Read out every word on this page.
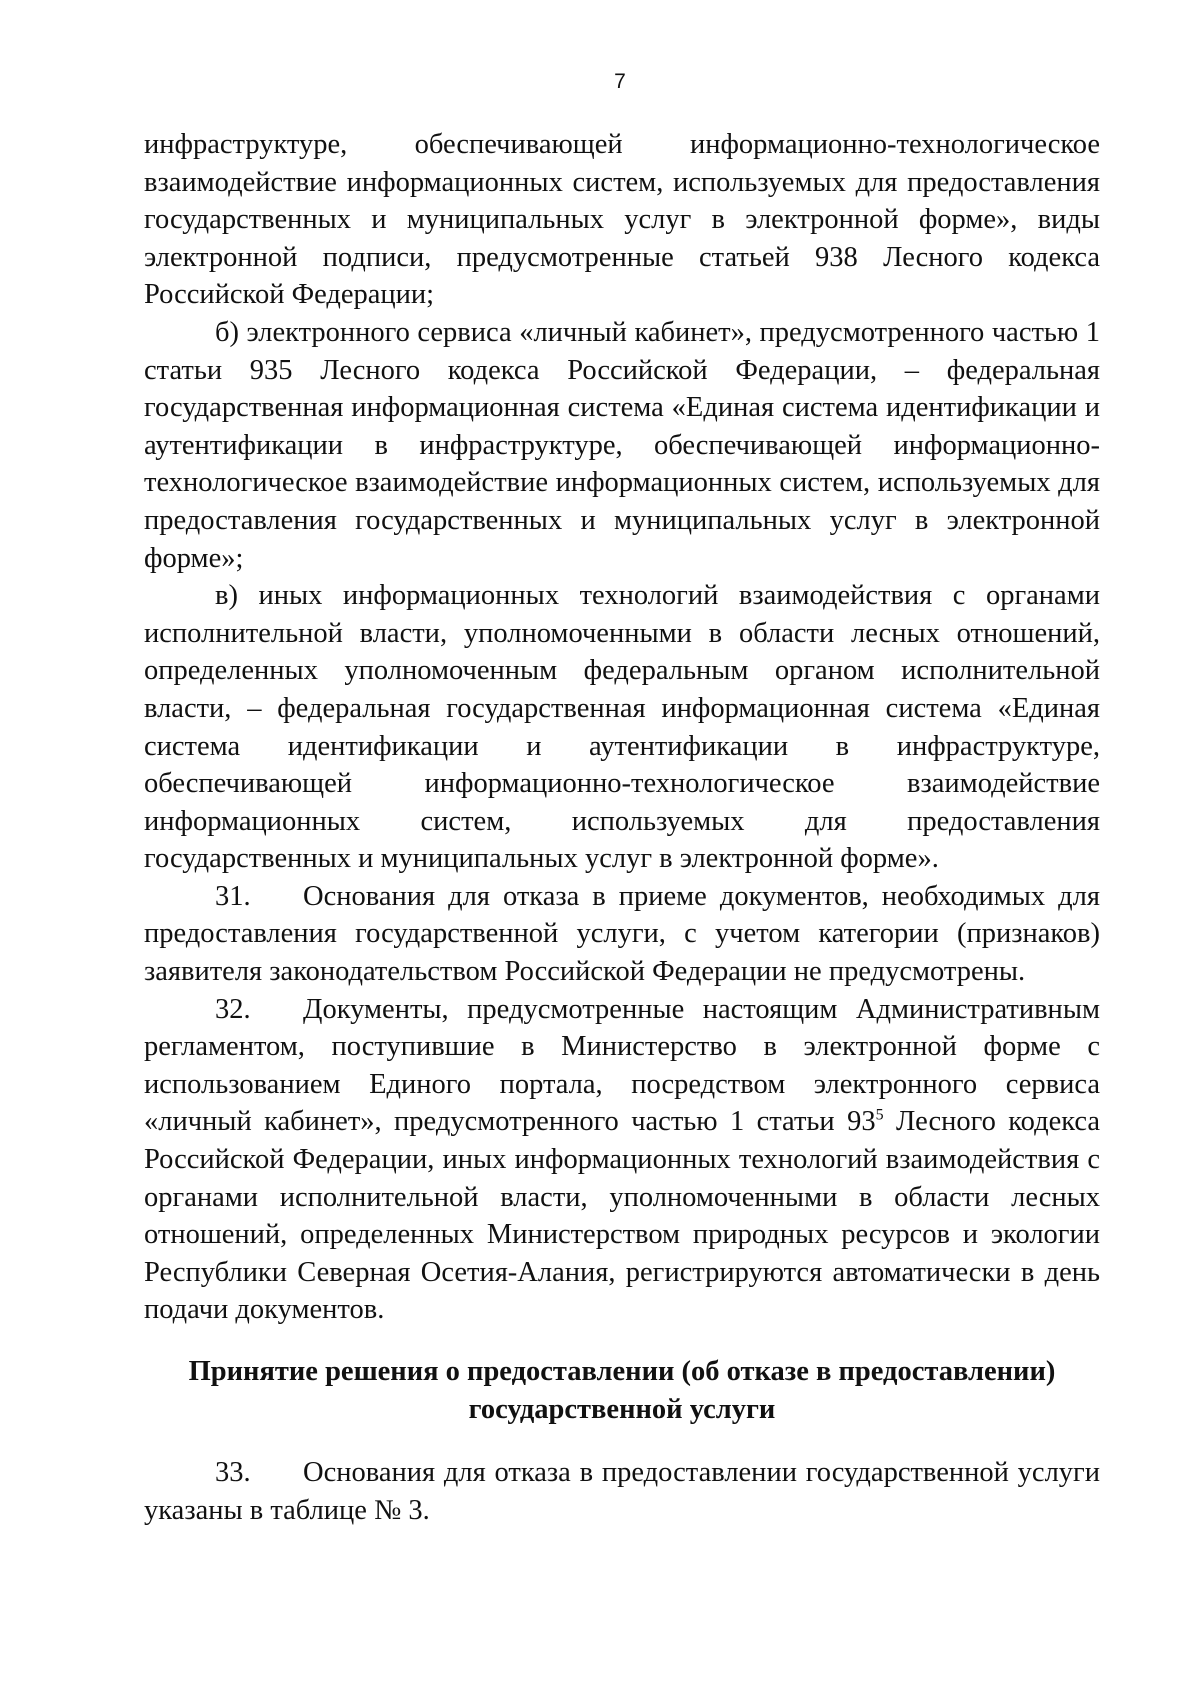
7

инфраструктуре, обеспечивающей информационно-технологическое взаимодействие информационных систем, используемых для предоставления государственных и муниципальных услуг в электронной форме», виды электронной подписи, предусмотренные статьей 938 Лесного кодекса Российской Федерации;

б) электронного сервиса «личный кабинет», предусмотренного частью 1 статьи 935 Лесного кодекса Российской Федерации, – федеральная государственная информационная система «Единая система идентификации и аутентификации в инфраструктуре, обеспечивающей информационно-технологическое взаимодействие информационных систем, используемых для предоставления государственных и муниципальных услуг в электронной форме»;

в) иных информационных технологий взаимодействия с органами исполнительной власти, уполномоченными в области лесных отношений, определенных уполномоченным федеральным органом исполнительной власти, – федеральная государственная информационная система «Единая система идентификации и аутентификации в инфраструктуре, обеспечивающей информационно-технологическое взаимодействие информационных систем, используемых для предоставления государственных и муниципальных услуг в электронной форме».

31. Основания для отказа в приеме документов, необходимых для предоставления государственной услуги, с учетом категории (признаков) заявителя законодательством Российской Федерации не предусмотрены.

32. Документы, предусмотренные настоящим Административным регламентом, поступившие в Министерство в электронной форме с использованием Единого портала, посредством электронного сервиса «личный кабинет», предусмотренного частью 1 статьи $93^5$ Лесного кодекса Российской Федерации, иных информационных технологий взаимодействия с органами исполнительной власти, уполномоченными в области лесных отношений, определенных Министерством природных ресурсов и экологии Республики Северная Осетия-Алания, регистрируются автоматически в день подачи документов.

Принятие решения о предоставлении (об отказе в предоставлении)
государственной услуги

33. Основания для отказа в предоставлении государственной услуги указаны в таблице № 3.
